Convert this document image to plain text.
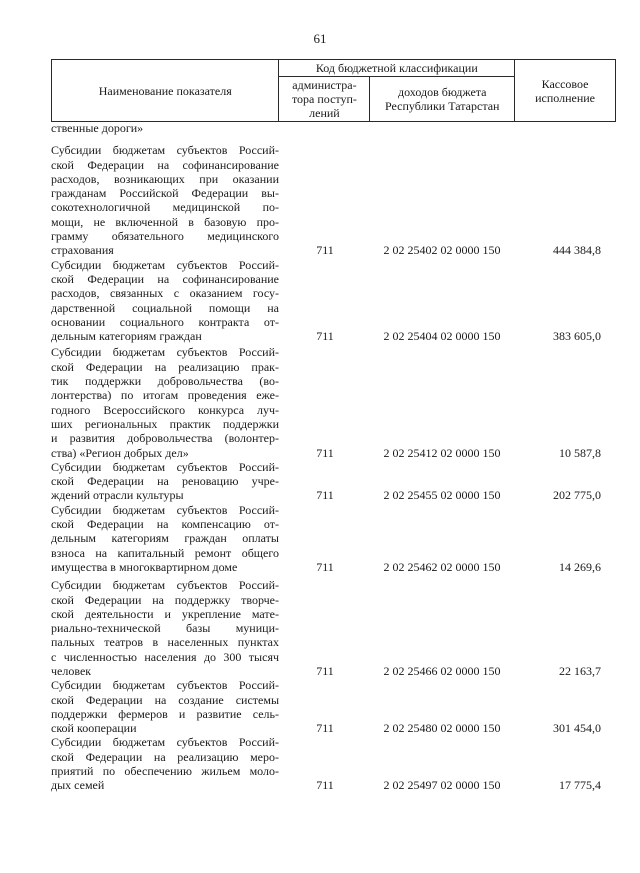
61
Наименование показателя	Код бюджетной классификации		Кассовое
исполнение
	администра-
тора поступ-
лений	доходов бюджета
Республики Татарстан	
ственные дороги»
Субсидии бюджетам субъектов Россий-
ской Федерации на софинансирование
расходов, возникающих при оказании
гражданам Российской Федерации вы-
сокотехнологичной медицинской по-
мощи, не включенной в базовую про-
грамму обязательного медицинского
страхования	711	2 02 25402 02 0000 150	444 384,8
Субсидии бюджетам субъектов Россий-
ской Федерации на софинансирование
расходов, связанных с оказанием госу-
дарственной социальной помощи на
основании социального контракта от-
дельным категориям граждан	711	2 02 25404 02 0000 150	383 605,0
Субсидии бюджетам субъектов Россий-
ской Федерации на реализацию прак-
тик поддержки добровольчества (во-
лонтерства) по итогам проведения еже-
годного Всероссийского конкурса луч-
ших региональных практик поддержки
и развития добровольчества (волонтер-
ства) «Регион добрых дел»	711	2 02 25412 02 0000 150	10 587,8
Субсидии бюджетам субъектов Россий-
ской Федерации на реновацию учре-
ждений отрасли культуры	711	2 02 25455 02 0000 150	202 775,0
Субсидии бюджетам субъектов Россий-
ской Федерации на компенсацию от-
дельным категориям граждан оплаты
взноса на капитальный ремонт общего
имущества в многоквартирном доме	711	2 02 25462 02 0000 150	14 269,6
Субсидии бюджетам субъектов Россий-
ской Федерации на поддержку творче-
ской деятельности и укрепление мате-
риально-технической базы муници-
пальных театров в населенных пунктах
с численностью населения до 300 тысяч
человек	711	2 02 25466 02 0000 150	22 163,7
Субсидии бюджетам субъектов Россий-
ской Федерации на создание системы
поддержки фермеров и развитие сель-
ской кооперации	711	2 02 25480 02 0000 150	301 454,0
Субсидии бюджетам субъектов Россий-
ской Федерации на реализацию меро-
приятий по обеспечению жильем моло-
дых семей	711	2 02 25497 02 0000 150	17 775,4
